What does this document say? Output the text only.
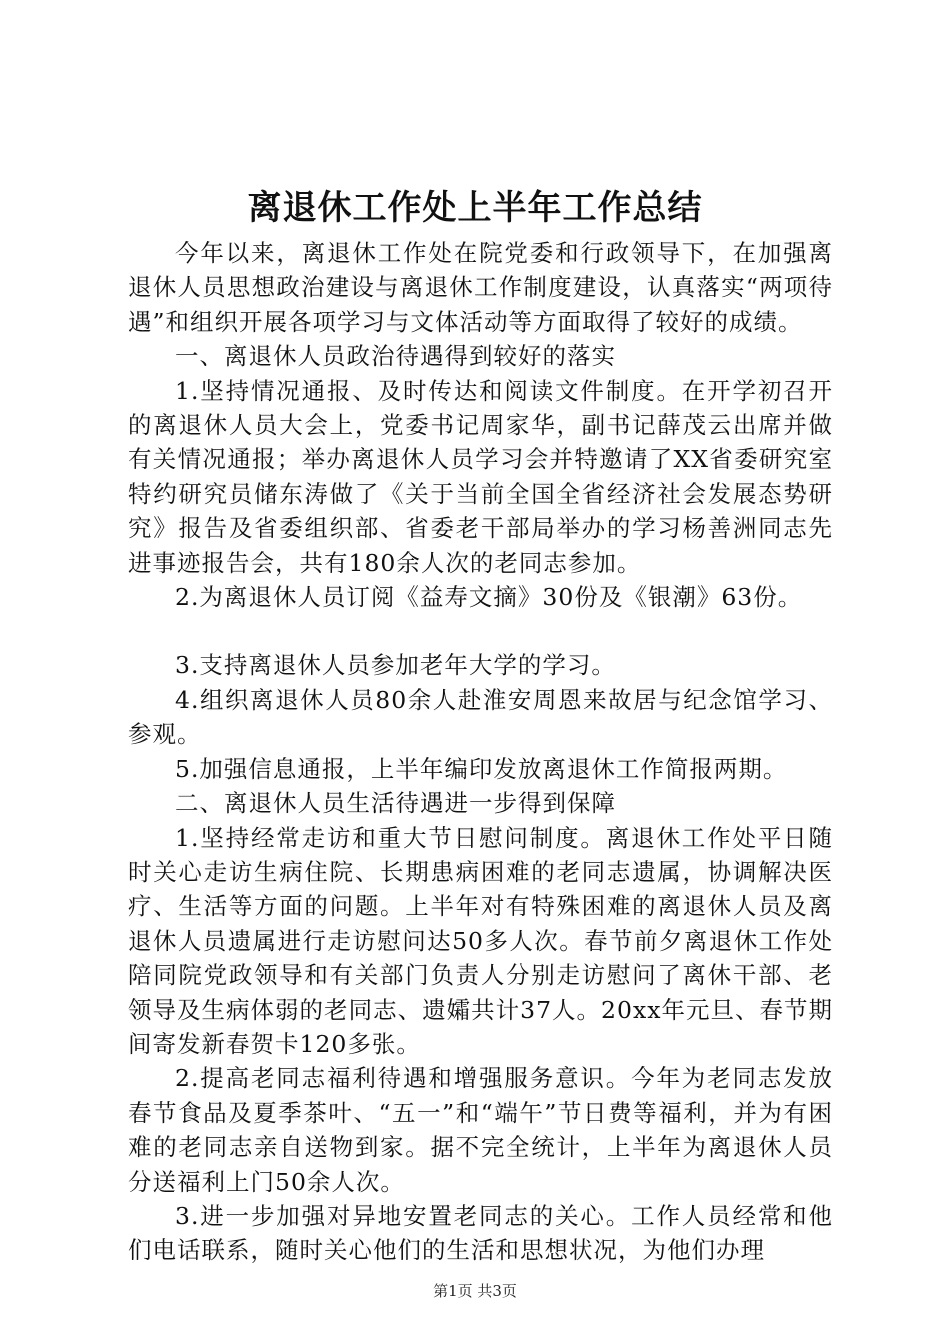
离退休工作处上半年工作总结

今年以来，离退休工作处在院党委和行政领导下，在加强离退休人员思想政治建设与离退休工作制度建设，认真落实“两项待遇”和组织开展各项学习与文体活动等方面取得了较好的成绩。

一、离退休人员政治待遇得到较好的落实

1.坚持情况通报、及时传达和阅读文件制度。在开学初召开的离退休人员大会上，党委书记周家华，副书记薛茂云出席并做有关情况通报；举办离退休人员学习会并特邀请了XX省委研究室特约研究员储东涛做了《关于当前全国全省经济社会发展态势研究》报告及省委组织部、省委老干部局举办的学习杨善洲同志先进事迹报告会，共有180余人次的老同志参加。

2.为离退休人员订阅《益寿文摘》30份及《银潮》63份。

3.支持离退休人员参加老年大学的学习。

4.组织离退休人员80余人赴淮安周恩来故居与纪念馆学习、参观。

5.加强信息通报，上半年编印发放离退休工作简报两期。

二、离退休人员生活待遇进一步得到保障

1.坚持经常走访和重大节日慰问制度。离退休工作处平日随时关心走访生病住院、长期患病困难的老同志遗属，协调解决医疗、生活等方面的问题。上半年对有特殊困难的离退休人员及离退休人员遗属进行走访慰问达50多人次。春节前夕离退休工作处陪同院党政领导和有关部门负责人分别走访慰问了离休干部、老领导及生病体弱的老同志、遗孀共计37人。20xx年元旦、春节期间寄发新春贺卡120多张。

2.提高老同志福利待遇和增强服务意识。今年为老同志发放春节食品及夏季茶叶、“五一”和“端午”节日费等福利，并为有困难的老同志亲自送物到家。据不完全统计，上半年为离退休人员分送福利上门50余人次。

3.进一步加强对异地安置老同志的关心。工作人员经常和他们电话联系，随时关心他们的生活和思想状况，为他们办理

第1页 共3页
